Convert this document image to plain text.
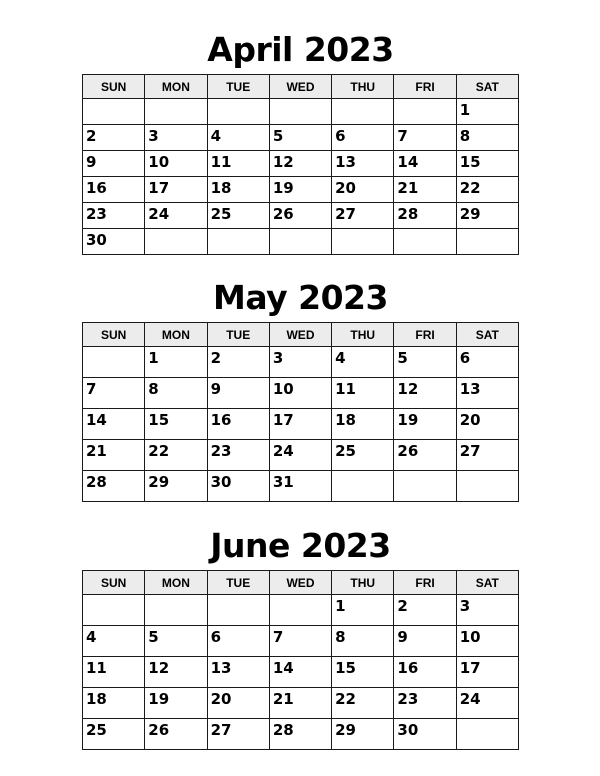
April 2023
SUN	MON	TUE	WED	THU	FRI	SAT
						1
2	3	4	5	6	7	8
9	10	11	12	13	14	15
16	17	18	19	20	21	22
23	24	25	26	27	28	29
30						
May 2023
SUN	MON	TUE	WED	THU	FRI	SAT
	1	2	3	4	5	6
7	8	9	10	11	12	13
14	15	16	17	18	19	20
21	22	23	24	25	26	27
28	29	30	31			
June 2023
SUN	MON	TUE	WED	THU	FRI	SAT
				1	2	3
4	5	6	7	8	9	10
11	12	13	14	15	16	17
18	19	20	21	22	23	24
25	26	27	28	29	30	
